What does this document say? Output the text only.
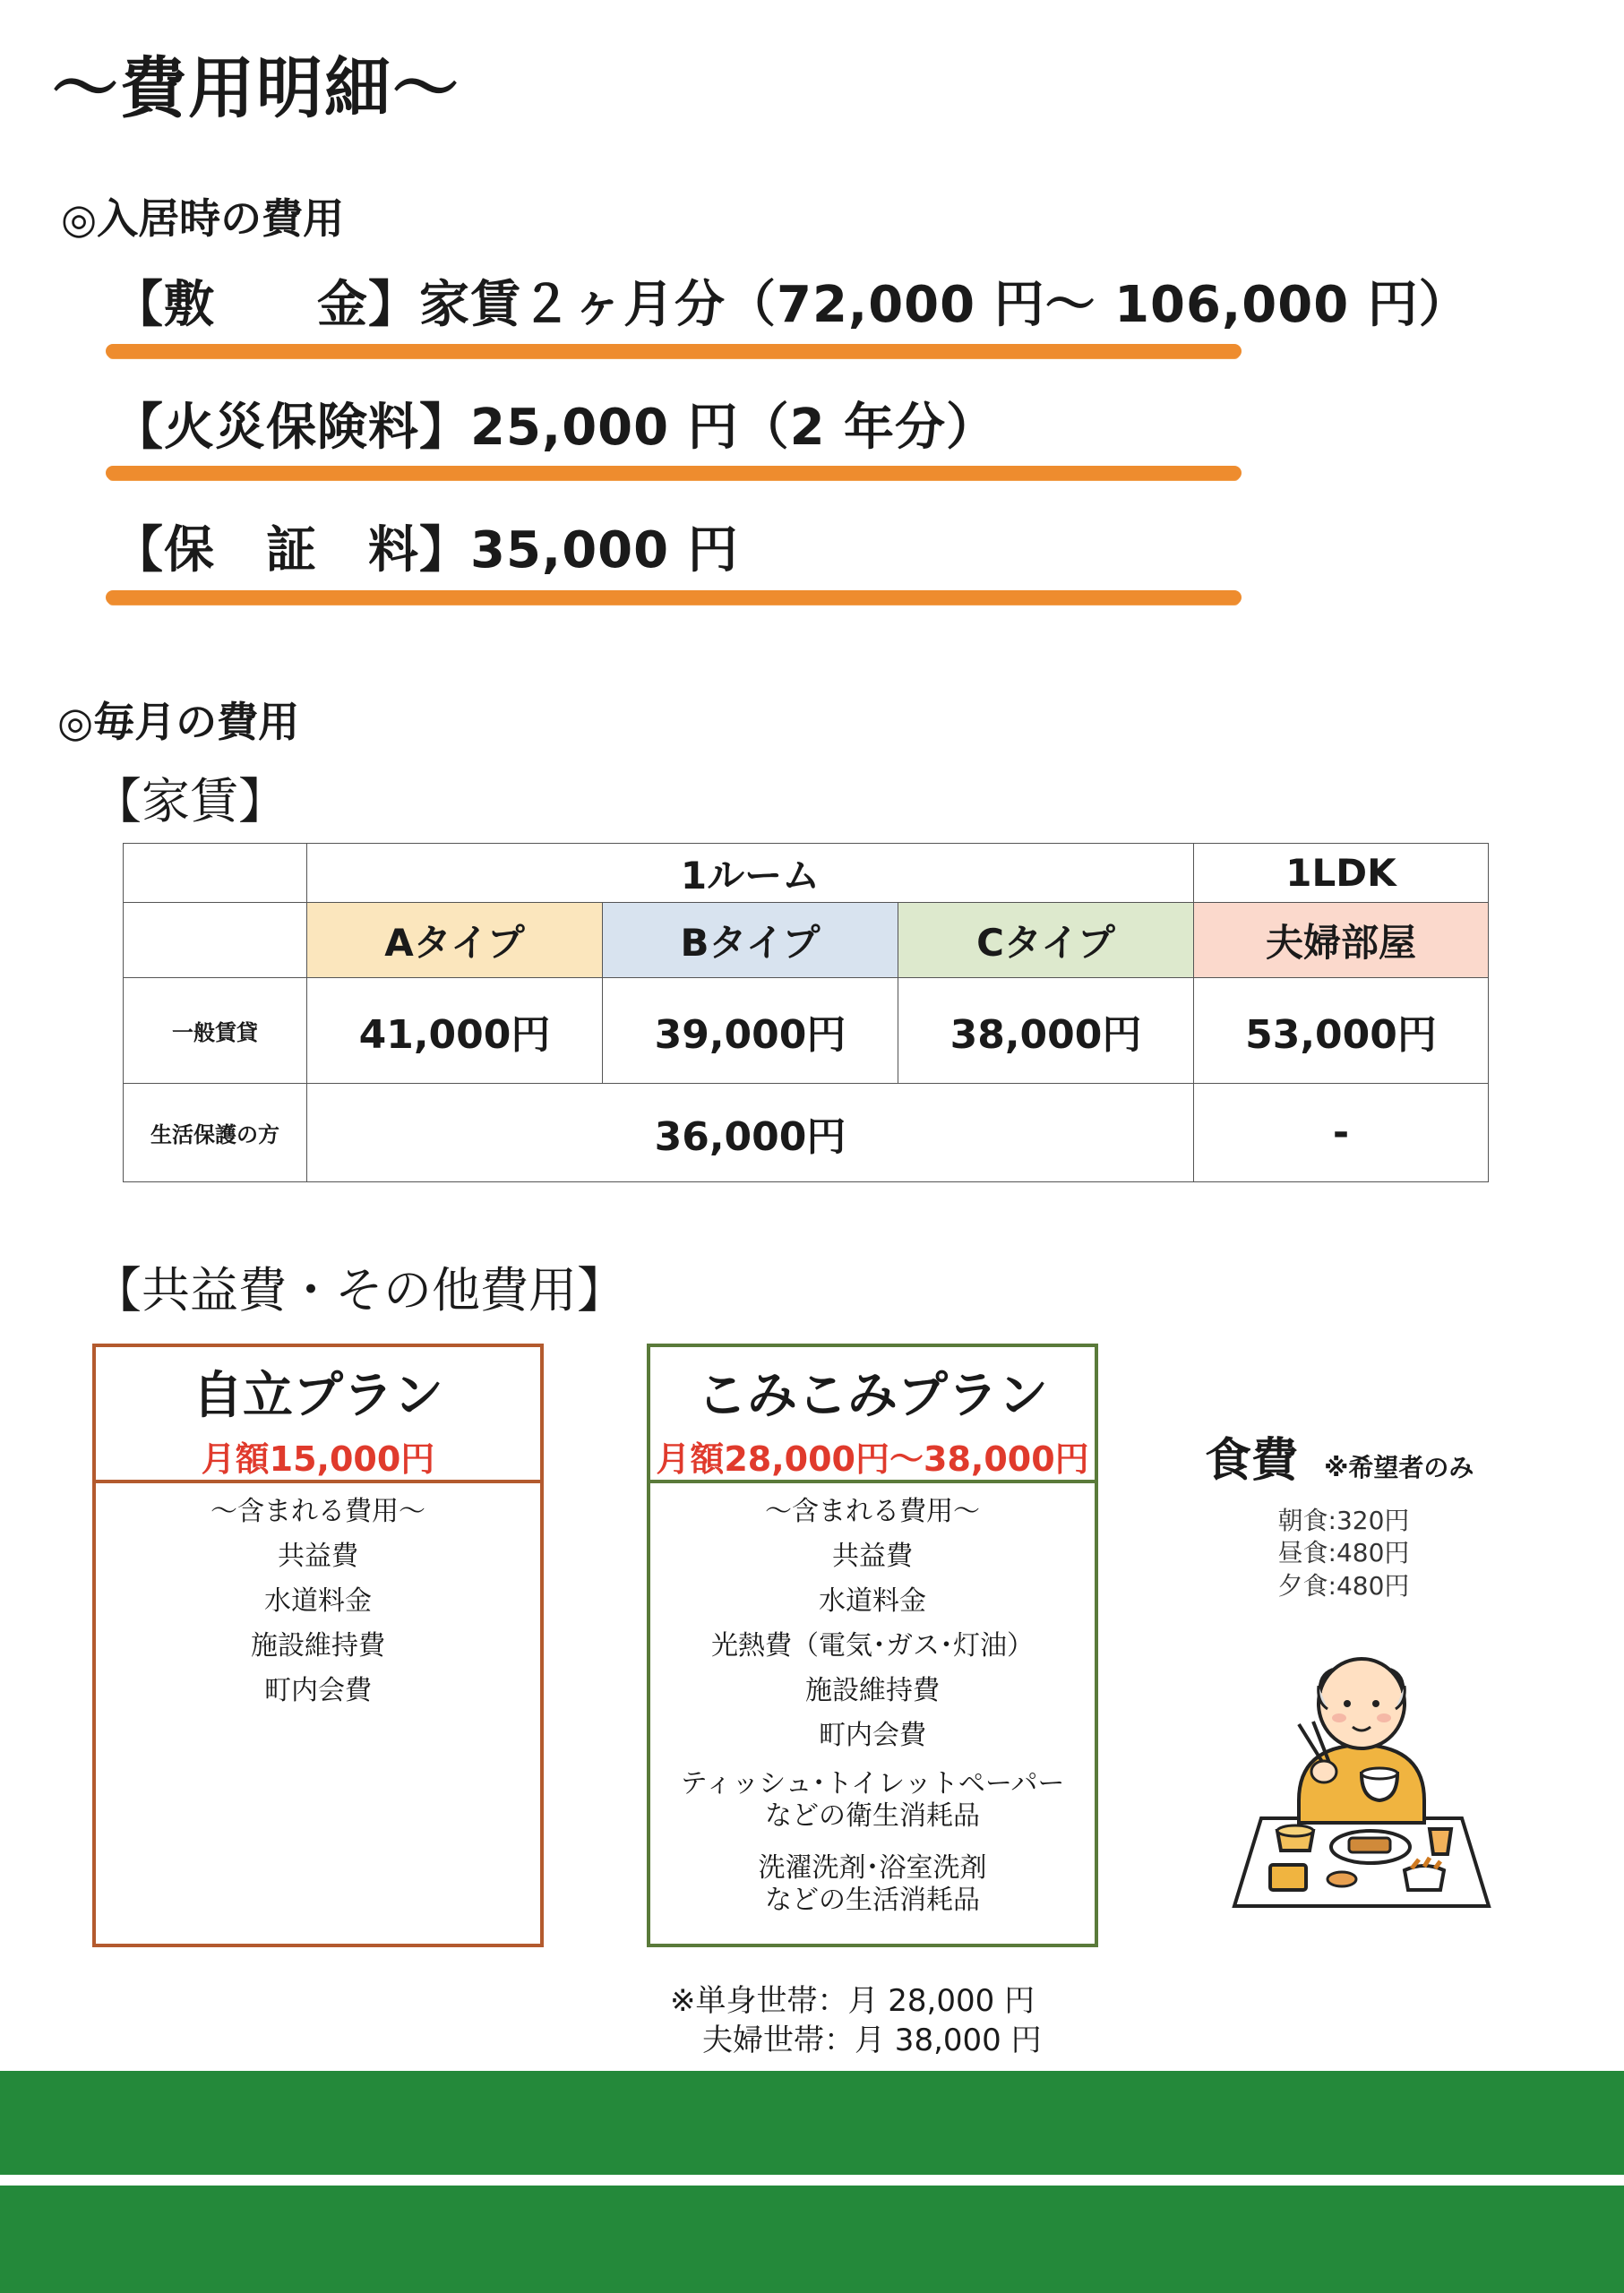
～費用明細～
◎入居時の費用
【敷　　金】家賃２ヶ月分（72,000 円～ 106,000 円）
【火災保険料】25,000 円（2 年分）
【保　証　料】35,000 円
◎毎月の費用
【家賃】
	1ルーム			1LDK
	Aタイプ	Bタイプ	Cタイプ	夫婦部屋
一般賃貸	41,000円	39,000円	38,000円	53,000円
生活保護の方	36,000円			-
【共益費・その他費用】
自立プラン
月額15,000円
～含まれる費用～
共益費
水道料金
施設維持費
町内会費
こみこみプラン
月額28,000円～38,000円
～含まれる費用～
共益費
水道料金
光熱費（電気･ガス･灯油）
施設維持費
町内会費
ティッシュ･トイレットペーパー
などの衛生消耗品
洗濯洗剤･浴室洗剤
などの生活消耗品
※単身世帯：月 28,000 円
夫婦世帯：月 38,000 円
食費 ※希望者のみ
朝食:320円
昼食:480円
夕食:480円
